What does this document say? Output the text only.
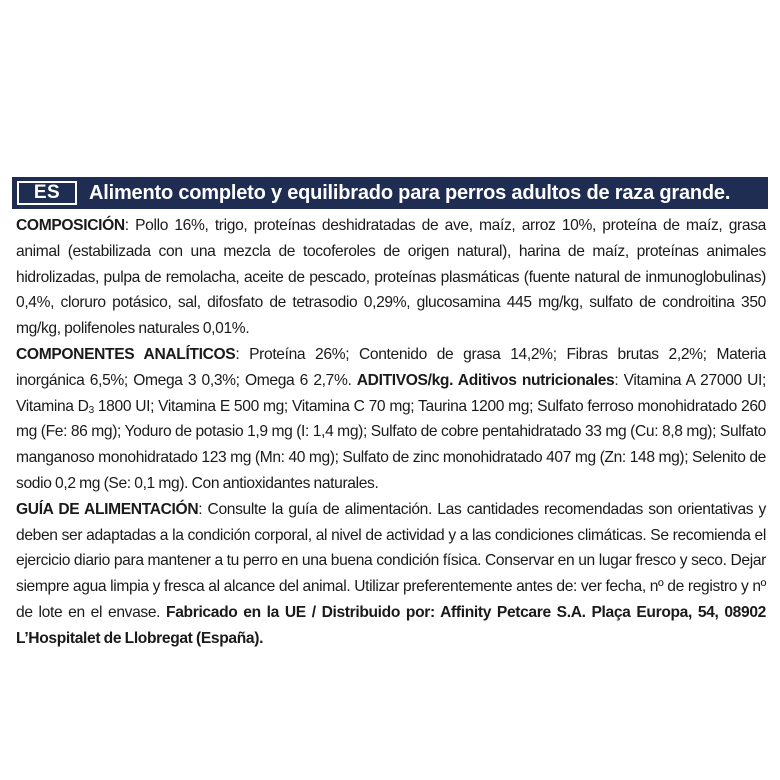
ES	Alimento completo y equilibrado para perros adultos de raza grande.
COMPOSICIÓN: Pollo 16%, trigo, proteínas deshidratadas de ave, maíz, arroz 10%, proteína de maíz, grasa animal (estabilizada con una mezcla de tocoferoles de origen natural), harina de maíz, proteínas animales hidrolizadas, pulpa de remolacha, aceite de pescado, proteínas plasmáticas (fuente natural de inmunoglobulinas) 0,4%, cloruro potásico, sal, difosfato de tetrasodio 0,29%, glucosamina 445 mg/kg, sulfato de condroitina 350 mg/kg, polifenoles naturales 0,01%.
COMPONENTES ANALÍTICOS: Proteína 26%; Contenido de grasa 14,2%; Fibras brutas 2,2%; Materia inorgánica 6,5%; Omega 3 0,3%; Omega 6 2,7%. ADITIVOS/kg. Aditivos nutricionales: Vitamina A 27000 UI; Vitamina $D_3$ 1800 UI; Vitamina E 500 mg; Vitamina C 70 mg; Taurina 1200 mg; Sulfato ferroso monohidratado 260 mg (Fe: 86 mg); Yoduro de potasio 1,9 mg (I: 1,4 mg); Sulfato de cobre pentahidratado 33 mg (Cu: 8,8 mg); Sulfato manganoso monohidratado 123 mg (Mn: 40 mg); Sulfato de zinc monohidratado 407 mg (Zn: 148 mg); Selenito de sodio 0,2 mg (Se: 0,1 mg). Con antioxidantes naturales.
GUÍA DE ALIMENTACIÓN: Consulte la guía de alimentación. Las cantidades recomendadas son orientativas y deben ser adaptadas a la condición corporal, al nivel de actividad y a las condiciones climáticas. Se recomienda el ejercicio diario para mantener a tu perro en una buena condición física. Conservar en un lugar fresco y seco. Dejar siempre agua limpia y fresca al alcance del animal. Utilizar preferentemente antes de: ver fecha, nº de registro y nº de lote en el envase. Fabricado en la UE / Distribuido por: Affinity Petcare S.A. Plaça Europa, 54, 08902 L’Hospitalet de Llobregat (España).
